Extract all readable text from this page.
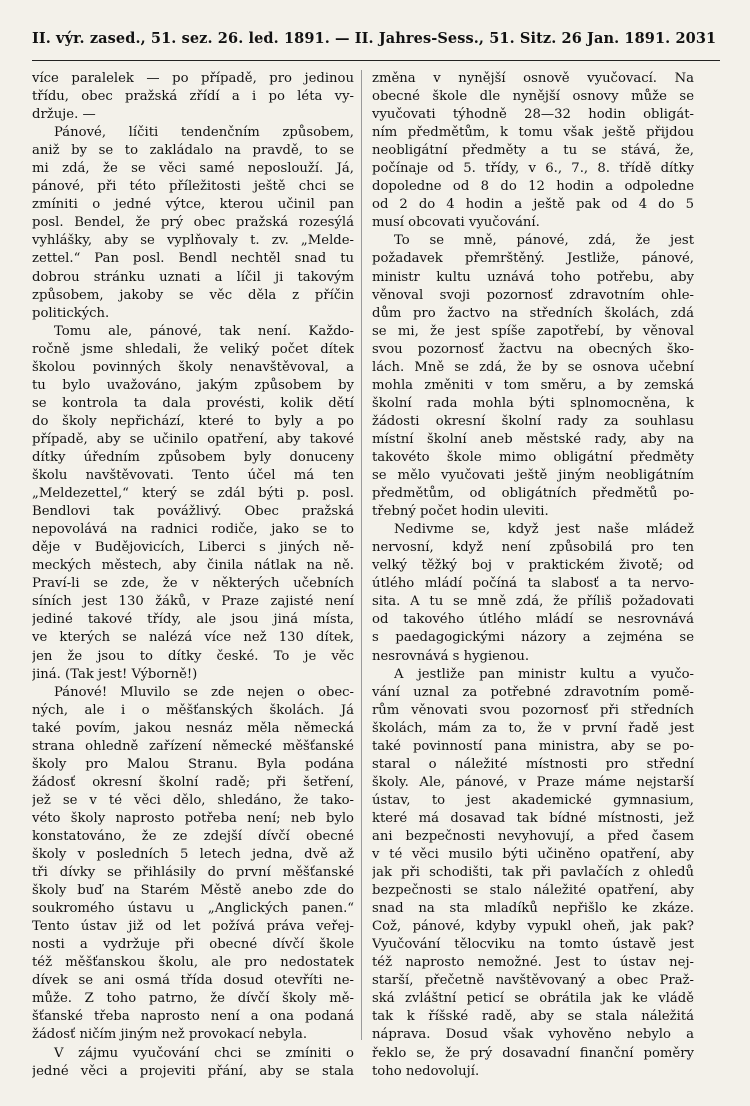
II. výr. zased., 51. sez. 26. led. 1891. — II. Jahres-Sess., 51. Sitz. 26 Jan. 1891. 2031
více paralelek — po případě, pro jedinou
třídu, obec pražská zřídí a i po léta vy-
držuje. —
Pánové, líčiti tendenčním způsobem,
aniž by se to zakládalo na pravdě, to se
mi zdá, že se věci samé neposlouží. Já,
pánové, při této příležitosti ještě chci se
zmíniti o jedné výtce, kterou učinil pan
posl. Bendel, že prý obec pražská rozesýlá
vyhlášky, aby se vyplňovaly t. zv. „Melde-
zettel.“ Pan posl. Bendl nechtěl snad tu
dobrou stránku uznati a líčil ji takovým
způsobem, jakoby se věc děla z příčin
politických.
Tomu ale, pánové, tak není. Každo-
ročně jsme shledali, že veliký počet dítek
školou povinných školy nenavštěvoval, a
tu bylo uvažováno, jakým způsobem by
se kontrola ta dala provésti, kolik dětí
do školy nepřichází, které to byly a po
případě, aby se učinilo opatření, aby takové
dítky úředním způsobem byly donuceny
školu navštěvovati. Tento účel má ten
„Meldezettel,“ který se zdál býti p. posl.
Bendlovi tak povážlivý. Obec pražská
nepovolává na radnici rodiče, jako se to
děje v Budějovicích, Liberci s jiných ně-
meckých městech, aby činila nátlak na ně.
Praví-li se zde, že v některých učebních
síních jest 130 žáků, v Praze zajisté není
jediné takové třídy, ale jsou jiná místa,
ve kterých se nalézá více než 130 dítek,
jen že jsou to dítky české. To je věc
jiná. (Tak jest! Výborně!)
Pánové! Mluvilo se zde nejen o obec-
ných, ale i o měšťanských školách. Já
také povím, jakou nesnáz měla německá
strana ohledně zařízení německé měšťanské
školy pro Malou Stranu. Byla podána
žádosť okresní školní radě; při šetření,
jež se v té věci dělo, shledáno, že tako-
véto školy naprosto potřeba není; neb bylo
konstatováno, že ze zdejší dívčí obecné
školy v posledních 5 letech jedna, dvě až
tři dívky se přihlásily do první měšťanské
školy buď na Starém Městě anebo zde do
soukromého ústavu u „Anglických panen.“
Tento ústav již od let požívá práva veřej-
nosti a vydržuje při obecné dívčí škole
též měšťanskou školu, ale pro nedostatek
dívek se ani osmá třída dosud otevříti ne-
může. Z toho patrno, že dívčí školy mě-
šťanské třeba naprosto není a ona podaná
žádosť ničím jiným než provokací nebyla.
V zájmu vyučování chci se zmíniti o
jedné věci a projeviti přání, aby se stala
změna v nynější osnově vyučovací. Na
obecné škole dle nynější osnovy může se
vyučovati týhodně 28—32 hodin obligát-
ním předmětům, k tomu však ještě přijdou
neobligátní předměty a tu se stává, že,
počínaje od 5. třídy, v 6., 7., 8. třídě dítky
dopoledne od 8 do 12 hodin a odpoledne
od 2 do 4 hodin a ještě pak od 4 do 5
musí obcovati vyučování.
To se mně, pánové, zdá, že jest
požadavek přemrštěný. Jestliže, pánové,
ministr kultu uznává toho potřebu, aby
věnoval svoji pozornosť zdravotním ohle-
dům pro žactvo na středních školách, zdá
se mi, že jest spíše zapotřebí, by věnoval
svou pozornosť žactvu na obecných ško-
lách. Mně se zdá, že by se osnova učební
mohla změniti v tom směru, a by zemská
školní rada mohla býti splnomocněna, k
žádosti okresní školní rady za souhlasu
místní školní aneb městské rady, aby na
takovéto škole mimo obligátní předměty
se mělo vyučovati ještě jiným neobligátním
předmětům, od obligátních předmětů po-
třebný počet hodin uleviti.
Nedivme se, když jest naše mládež
nervosní, když není způsobilá pro ten
velký těžký boj v praktickém životě; od
útlého mládí počíná ta slabosť a ta nervo-
sita. A tu se mně zdá, že příliš požadovati
od takového útlého mládí se nesrovnává
s paedagogickými názory a zejména se
nesrovnává s hygienou.
A jestliže pan ministr kultu a vyučo-
vání uznal za potřebné zdravotním pomě-
rům věnovati svou pozornosť při středních
školách, mám za to, že v první řadě jest
také povinností pana ministra, aby se po-
staral o náležité místnosti pro střední
školy. Ale, pánové, v Praze máme nejstarší
ústav, to jest akademické gymnasium,
které má dosavad tak bídné místnosti, jež
ani bezpečnosti nevyhovují, a před časem
v té věci musilo býti učiněno opatření, aby
jak při schodišti, tak při pavlačích z ohledů
bezpečnosti se stalo náležité opatření, aby
snad na sta mladíků nepřišlo ke zkáze.
Což, pánové, kdyby vypukl oheň, jak pak?
Vyučování tělocviku na tomto ústavě jest
též naprosto nemožné. Jest to ústav nej-
starší, přečetně navštěvovaný a obec Praž-
ská zvláštní peticí se obrátila jak ke vládě
tak k říšské radě, aby se stala náležitá
náprava. Dosud však vyhověno nebylo a
řeklo se, že prý dosavadní finanční poměry
toho nedovolují.
